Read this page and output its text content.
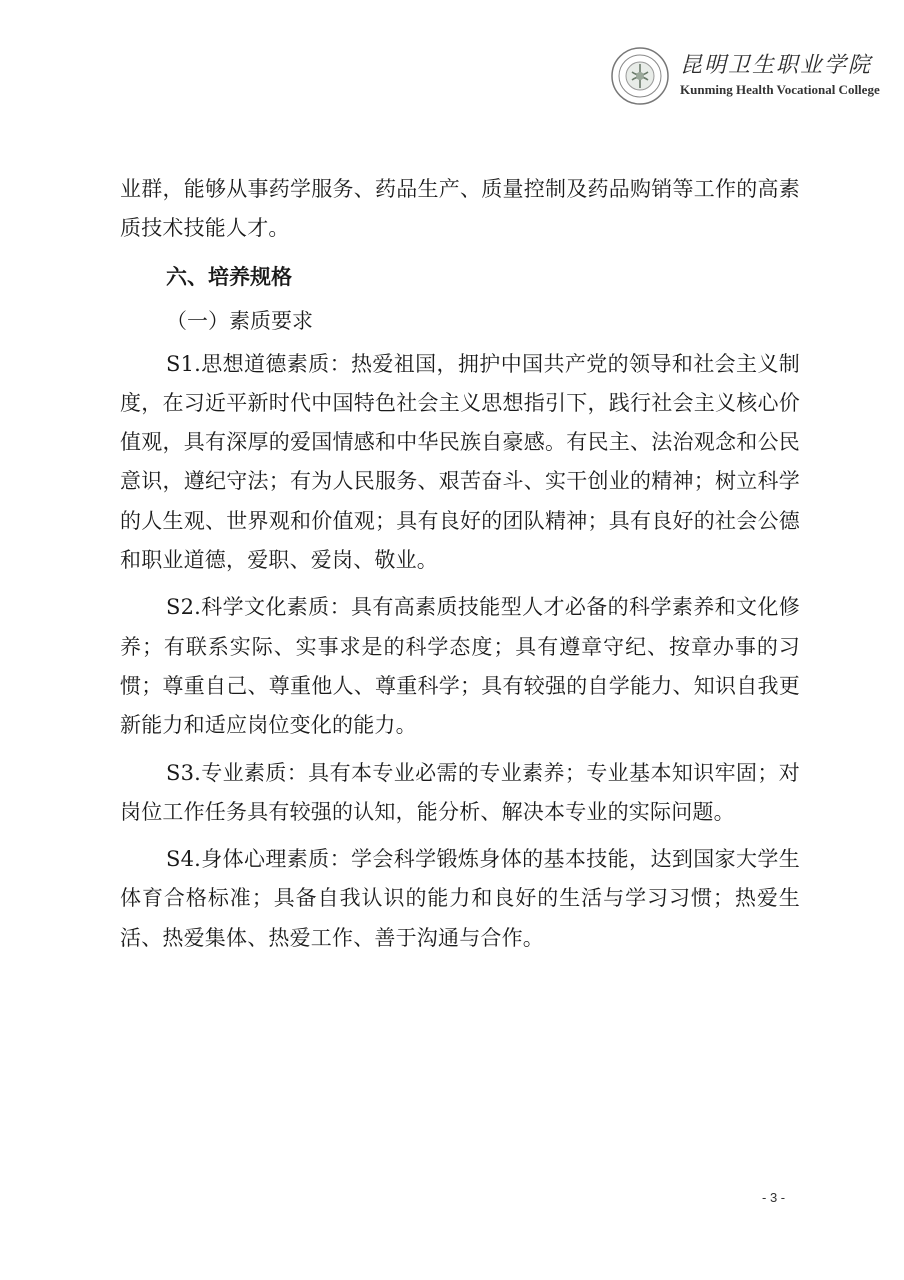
昆明卫生职业学院
Kunming Health Vocational College

业群，能够从事药学服务、药品生产、质量控制及药品购销等工作的高素质技术技能人才。

六、培养规格
（一）素质要求

S1.思想道德素质：热爱祖国，拥护中国共产党的领导和社会主义制度，在习近平新时代中国特色社会主义思想指引下，践行社会主义核心价值观，具有深厚的爱国情感和中华民族自豪感。有民主、法治观念和公民意识，遵纪守法；有为人民服务、艰苦奋斗、实干创业的精神；树立科学的人生观、世界观和价值观；具有良好的团队精神；具有良好的社会公德和职业道德，爱职、爱岗、敬业。

S2.科学文化素质：具有高素质技能型人才必备的科学素养和文化修养；有联系实际、实事求是的科学态度；具有遵章守纪、按章办事的习惯；尊重自己、尊重他人、尊重科学；具有较强的自学能力、知识自我更新能力和适应岗位变化的能力。

S3.专业素质：具有本专业必需的专业素养；专业基本知识牢固；对岗位工作任务具有较强的认知，能分析、解决本专业的实际问题。

S4.身体心理素质：学会科学锻炼身体的基本技能，达到国家大学生体育合格标准；具备自我认识的能力和良好的生活与学习习惯；热爱生活、热爱集体、热爱工作、善于沟通与合作。

- 3 -
